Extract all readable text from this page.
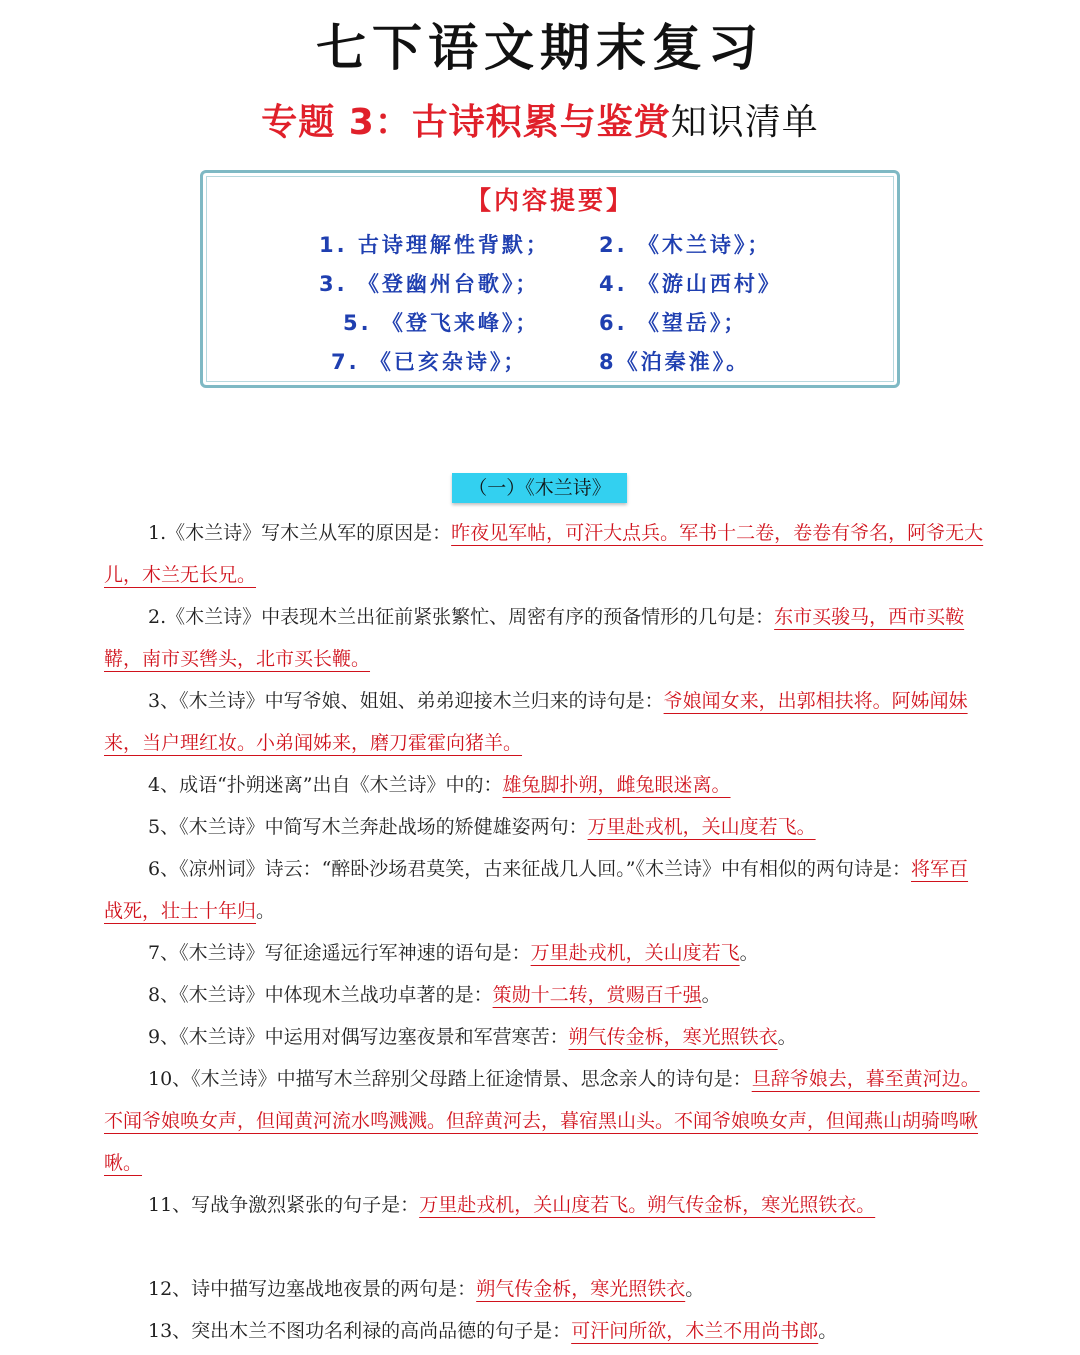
七下语文期末复习
专题 3：古诗积累与鉴赏知识清单
【内容提要】
1. 古诗理解性背默； 2. 《木兰诗》；
3. 《登幽州台歌》；	4. 《游山西村》
5. 《登飞来峰》；	6. 《望岳》；
7. 《已亥杂诗》；	8《泊秦淮》。
（一）《木兰诗》

1.《木兰诗》写木兰从军的原因是：昨夜见军帖，可汗大点兵。军书十二卷，卷卷有爷名，阿爷无大儿，木兰无长兄。

2.《木兰诗》中表现木兰出征前紧张繁忙、周密有序的预备情形的几句是：东市买骏马，西市买鞍鞯，南市买辔头，北市买长鞭。

3、《木兰诗》中写爷娘、姐姐、弟弟迎接木兰归来的诗句是：爷娘闻女来，出郭相扶将。阿姊闻妹来，当户理红妆。小弟闻姊来，磨刀霍霍向猪羊。

4、成语“扑朔迷离”出自《木兰诗》中的：雄兔脚扑朔，雌兔眼迷离。

5、《木兰诗》中简写木兰奔赴战场的矫健雄姿两句：万里赴戎机，关山度若飞。

6、《凉州词》诗云：“醉卧沙场君莫笑，古来征战几人回。”《木兰诗》中有相似的两句诗是：将军百战死，壮士十年归。

7、《木兰诗》写征途遥远行军神速的语句是：万里赴戎机，关山度若飞。

8、《木兰诗》中体现木兰战功卓著的是：策勋十二转，赏赐百千强。

9、《木兰诗》中运用对偶写边塞夜景和军营寒苦：朔气传金柝，寒光照铁衣。

10、《木兰诗》中描写木兰辞别父母踏上征途情景、思念亲人的诗句是：旦辞爷娘去，暮至黄河边。不闻爷娘唤女声，但闻黄河流水鸣溅溅。但辞黄河去，暮宿黑山头。不闻爷娘唤女声，但闻燕山胡骑鸣啾啾。

11、写战争激烈紧张的句子是：万里赴戎机，关山度若飞。朔气传金柝，寒光照铁衣。

12、诗中描写边塞战地夜景的两句是：朔气传金柝，寒光照铁衣。

13、突出木兰不图功名利禄的高尚品德的句子是：可汗问所欲，木兰不用尚书郎。
